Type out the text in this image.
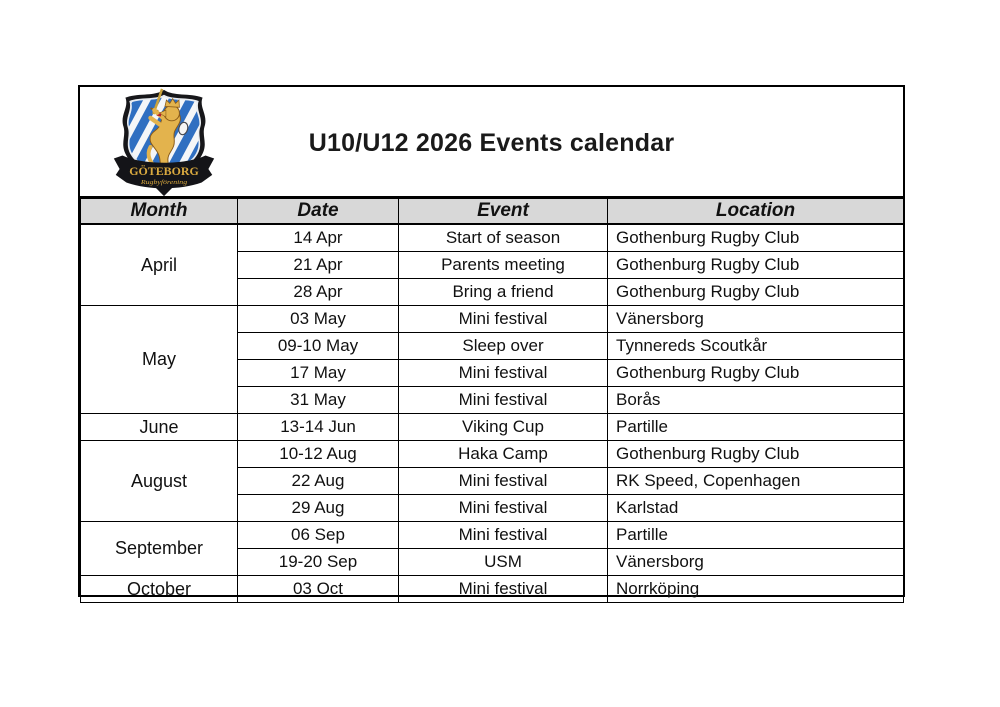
GÖTEBORG
Rugbyförening
U10/U12 2026 Events calendar
Month	Date	Event	Location
April	14 Apr	Start of season	Gothenburg Rugby Club
	21 Apr	Parents meeting	Gothenburg Rugby Club
	28 Apr	Bring a friend	Gothenburg Rugby Club
May	03 May	Mini festival	Vänersborg
	09-10 May	Sleep over	Tynnereds Scoutkår
	17 May	Mini festival	Gothenburg Rugby Club
	31 May	Mini festival	Borås
June	13-14 Jun	Viking Cup	Partille
August	10-12 Aug	Haka Camp	Gothenburg Rugby Club
	22 Aug	Mini festival	RK Speed, Copenhagen
	29 Aug	Mini festival	Karlstad
September	06 Sep	Mini festival	Partille
	19-20 Sep	USM	Vänersborg
October	03 Oct	Mini festival	Norrköping
